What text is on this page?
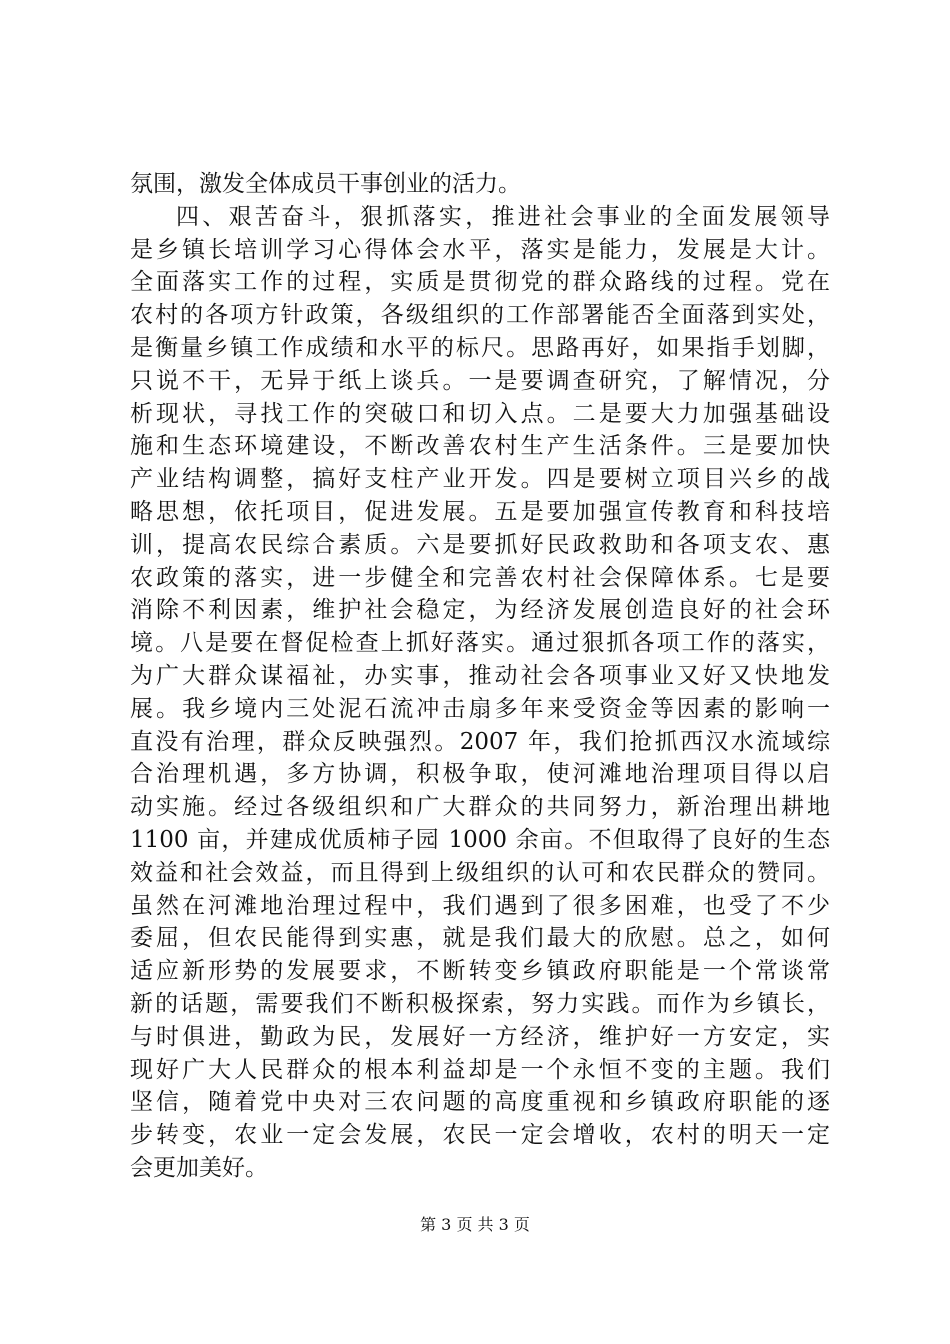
氛围，激发全体成员干事创业的活力。
四、艰苦奋斗，狠抓落实，推进社会事业的全面发展领导
是乡镇长培训学习心得体会水平，落实是能力，发展是大计。
全面落实工作的过程，实质是贯彻党的群众路线的过程。党在
农村的各项方针政策，各级组织的工作部署能否全面落到实处，
是衡量乡镇工作成绩和水平的标尺。思路再好，如果指手划脚，
只说不干，无异于纸上谈兵。一是要调查研究，了解情况，分
析现状，寻找工作的突破口和切入点。二是要大力加强基础设
施和生态环境建设，不断改善农村生产生活条件。三是要加快
产业结构调整，搞好支柱产业开发。四是要树立项目兴乡的战
略思想，依托项目，促进发展。五是要加强宣传教育和科技培
训，提高农民综合素质。六是要抓好民政救助和各项支农、惠
农政策的落实，进一步健全和完善农村社会保障体系。七是要
消除不利因素，维护社会稳定，为经济发展创造良好的社会环
境。八是要在督促检查上抓好落实。通过狠抓各项工作的落实，
为广大群众谋福祉，办实事，推动社会各项事业又好又快地发
展。我乡境内三处泥石流冲击扇多年来受资金等因素的影响一
直没有治理，群众反映强烈。2007 年，我们抢抓西汉水流域综
合治理机遇，多方协调，积极争取，使河滩地治理项目得以启
动实施。经过各级组织和广大群众的共同努力，新治理出耕地
1100 亩，并建成优质柿子园 1000 余亩。不但取得了良好的生态
效益和社会效益，而且得到上级组织的认可和农民群众的赞同。
虽然在河滩地治理过程中，我们遇到了很多困难，也受了不少
委屈，但农民能得到实惠，就是我们最大的欣慰。总之，如何
适应新形势的发展要求，不断转变乡镇政府职能是一个常谈常
新的话题，需要我们不断积极探索，努力实践。而作为乡镇长，
与时俱进，勤政为民，发展好一方经济，维护好一方安定，实
现好广大人民群众的根本利益却是一个永恒不变的主题。我们
坚信，随着党中央对三农问题的高度重视和乡镇政府职能的逐
步转变，农业一定会发展，农民一定会增收，农村的明天一定
会更加美好。
第 3 页 共 3 页
